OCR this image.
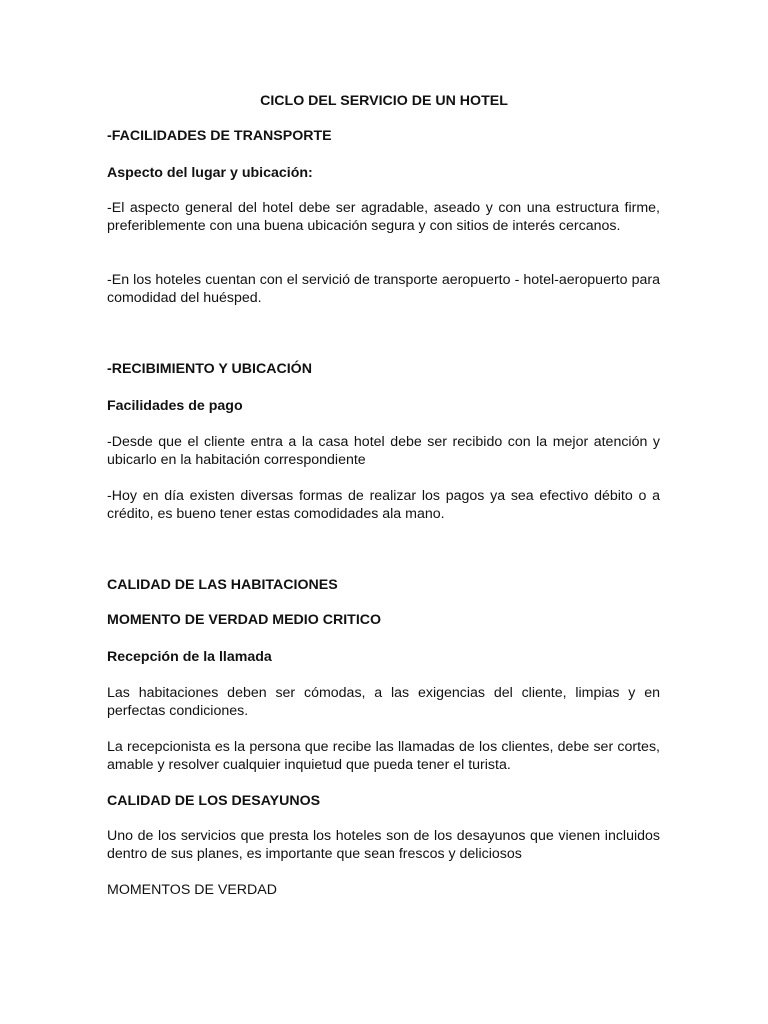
CICLO DEL SERVICIO DE UN HOTEL

-FACILIDADES DE TRANSPORTE

Aspecto del lugar y ubicación:

-El aspecto general del hotel debe ser agradable, aseado y con una estructura firme, preferiblemente con una buena ubicación segura y con sitios de interés cercanos.

-En los hoteles cuentan con el servició de transporte aeropuerto - hotel-aeropuerto para comodidad del huésped.

-RECIBIMIENTO Y UBICACIÓN

Facilidades de pago

-Desde que el cliente entra a la casa hotel debe ser recibido con la mejor atención y ubicarlo en la habitación correspondiente

-Hoy en día existen diversas formas de realizar los pagos ya sea efectivo débito o a crédito, es bueno tener estas comodidades ala mano.

CALIDAD DE LAS HABITACIONES

MOMENTO DE VERDAD MEDIO CRITICO

Recepción de la llamada

Las habitaciones deben ser cómodas, a las exigencias del cliente, limpias y en perfectas condiciones.

La recepcionista es la persona que recibe las llamadas de los clientes, debe ser cortes, amable y resolver cualquier inquietud que pueda tener el turista.

CALIDAD DE LOS DESAYUNOS

Uno de los servicios que presta los hoteles son de los desayunos que vienen incluidos dentro de sus planes, es importante que sean frescos y deliciosos

MOMENTOS DE VERDAD
